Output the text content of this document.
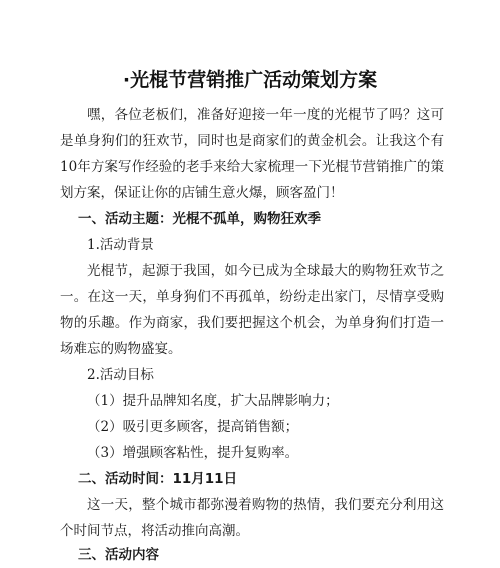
·光棍节营销推广活动策划方案

嘿，各位老板们，准备好迎接一年一度的光棍节了吗？这可是单身狗们的狂欢节，同时也是商家们的黄金机会。让我这个有10年方案写作经验的老手来给大家梳理一下光棍节营销推广的策划方案，保证让你的店铺生意火爆，顾客盈门！

一、活动主题：光棍不孤单，购物狂欢季

1.活动背景

光棍节，起源于我国，如今已成为全球最大的购物狂欢节之一。在这一天，单身狗们不再孤单，纷纷走出家门，尽情享受购物的乐趣。作为商家，我们要把握这个机会，为单身狗们打造一场难忘的购物盛宴。

2.活动目标

（1）提升品牌知名度，扩大品牌影响力；

（2）吸引更多顾客，提高销售额；

（3）增强顾客粘性，提升复购率。

二、活动时间：11月11日

这一天，整个城市都弥漫着购物的热情，我们要充分利用这个时间节点，将活动推向高潮。

三、活动内容
